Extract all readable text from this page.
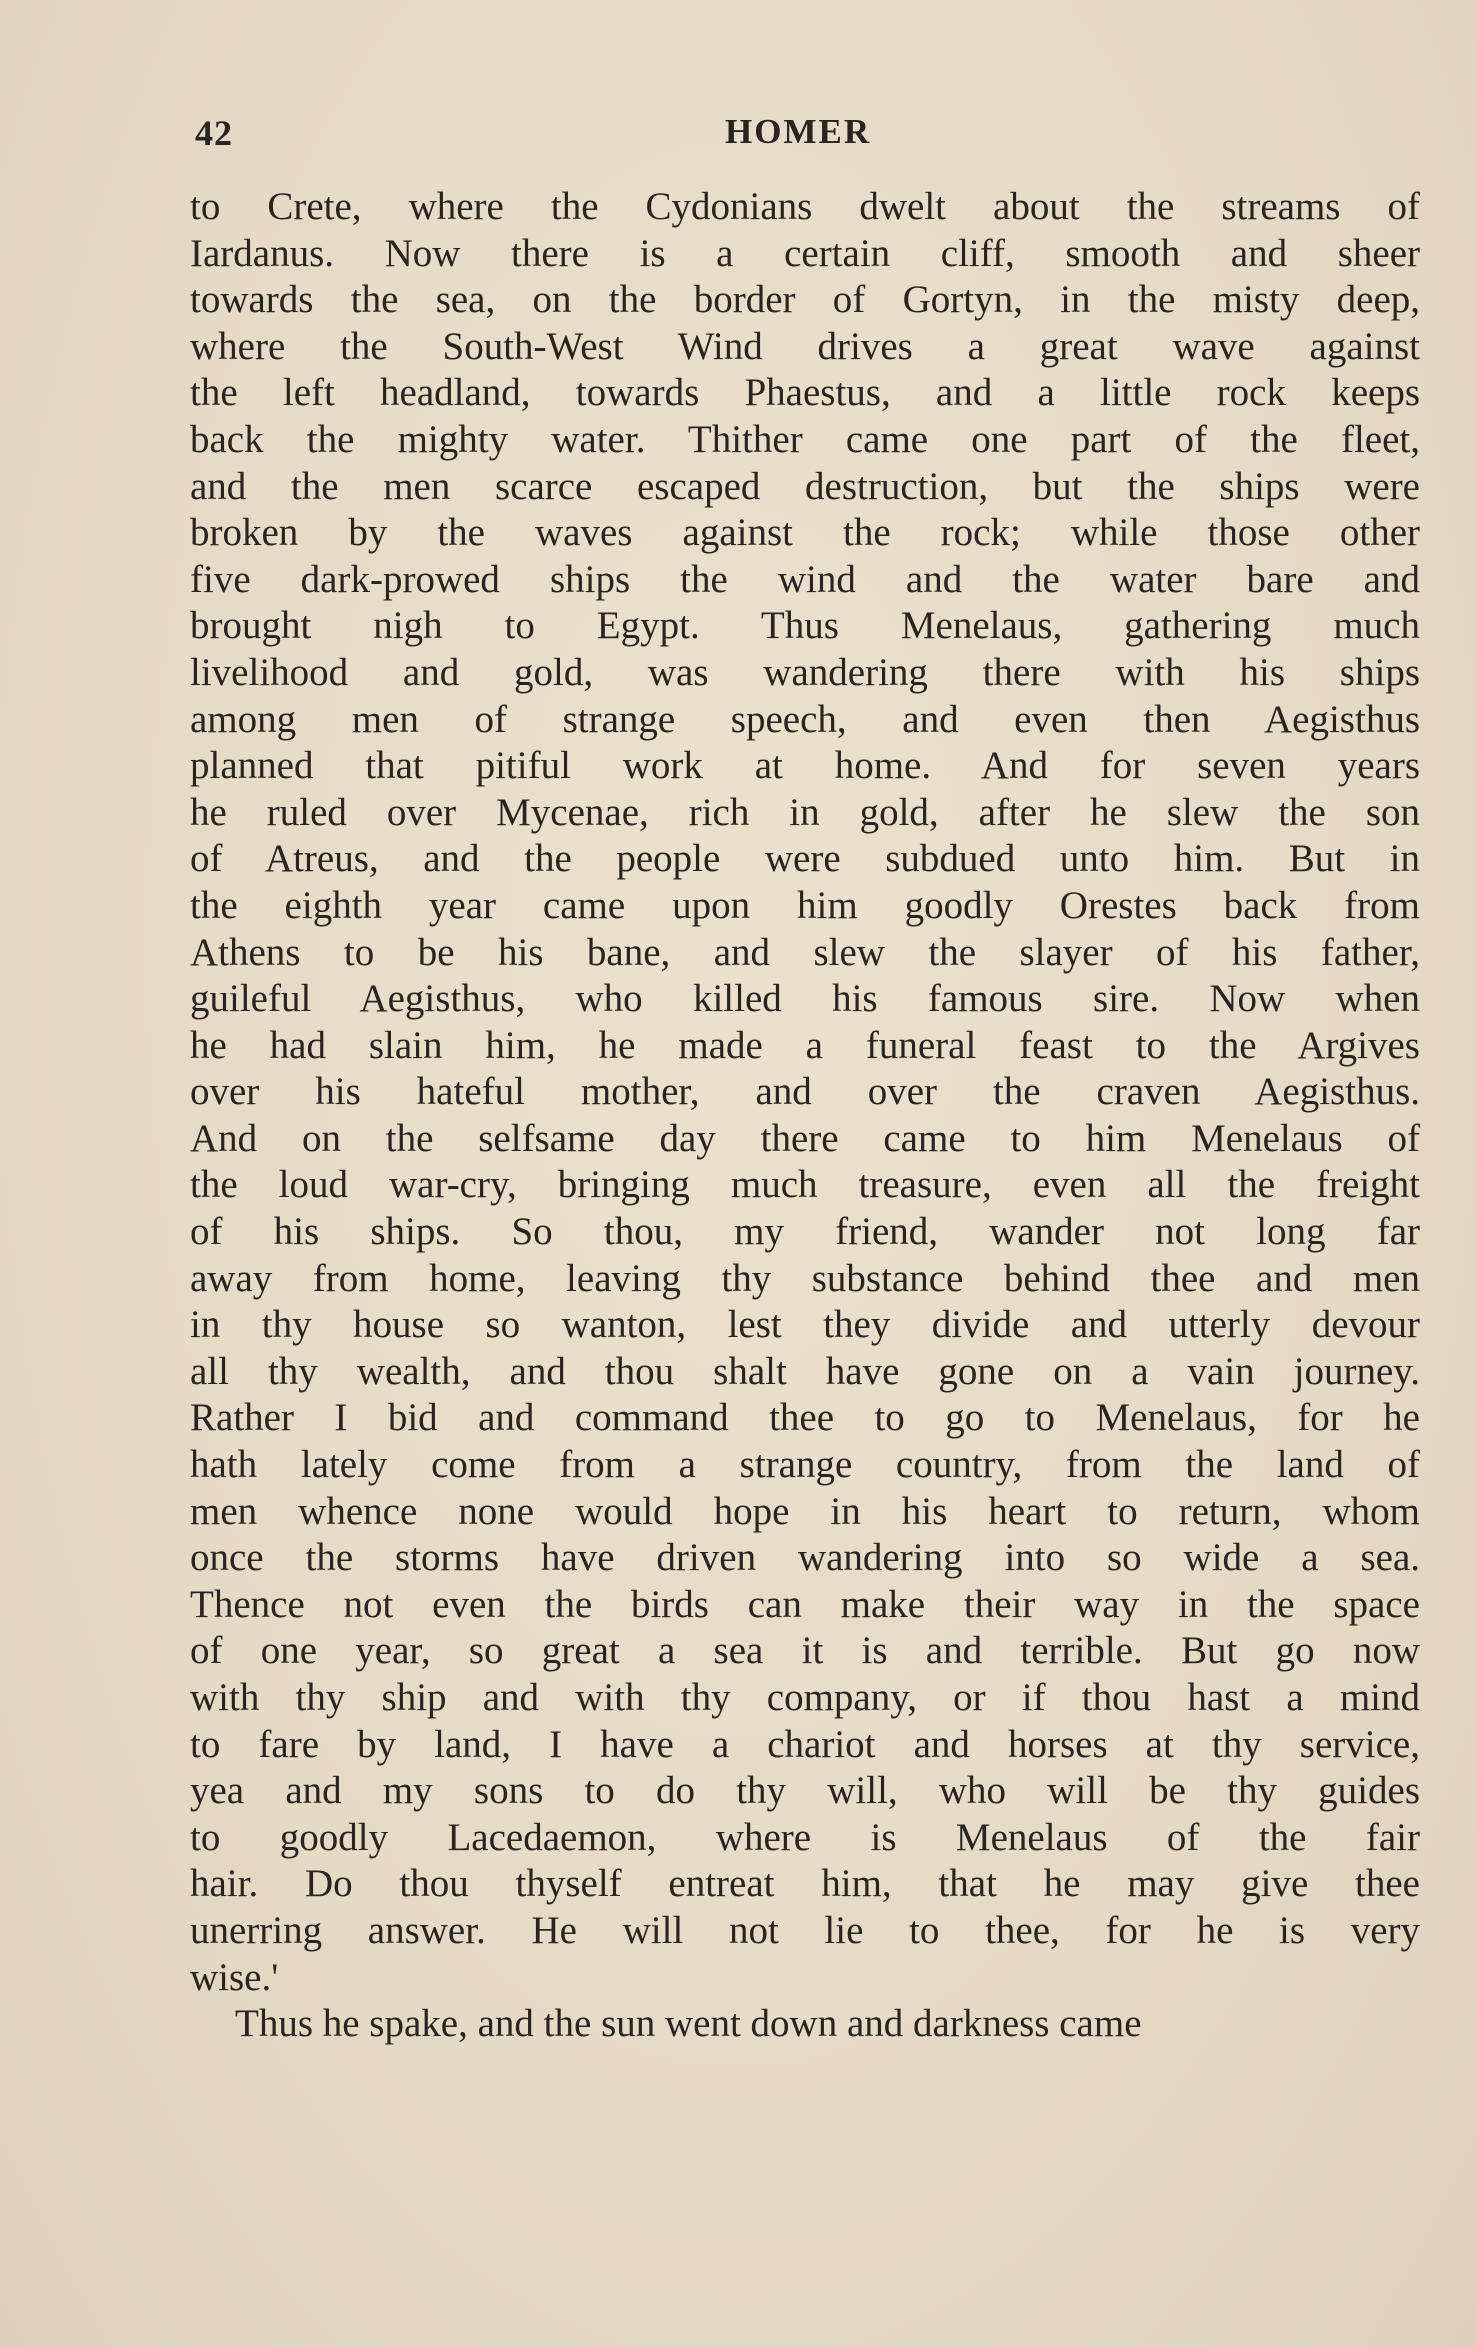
42	HOMER
to Crete, where the Cydonians dwelt about the streams of
Iardanus. Now there is a certain cliff, smooth and sheer
towards the sea, on the border of Gortyn, in the misty deep,
where the South-West Wind drives a great wave against
the left headland, towards Phaestus, and a little rock keeps
back the mighty water. Thither came one part of the fleet,
and the men scarce escaped destruction, but the ships were
broken by the waves against the rock; while those other
five dark-prowed ships the wind and the water bare and
brought nigh to Egypt. Thus Menelaus, gathering much
livelihood and gold, was wandering there with his ships
among men of strange speech, and even then Aegisthus
planned that pitiful work at home. And for seven years
he ruled over Mycenae, rich in gold, after he slew the son
of Atreus, and the people were subdued unto him. But in
the eighth year came upon him goodly Orestes back from
Athens to be his bane, and slew the slayer of his father,
guileful Aegisthus, who killed his famous sire. Now when
he had slain him, he made a funeral feast to the Argives
over his hateful mother, and over the craven Aegisthus.
And on the selfsame day there came to him Menelaus of
the loud war-cry, bringing much treasure, even all the freight
of his ships. So thou, my friend, wander not long far
away from home, leaving thy substance behind thee and men
in thy house so wanton, lest they divide and utterly devour
all thy wealth, and thou shalt have gone on a vain journey.
Rather I bid and command thee to go to Menelaus, for he
hath lately come from a strange country, from the land of
men whence none would hope in his heart to return, whom
once the storms have driven wandering into so wide a sea.
Thence not even the birds can make their way in the space
of one year, so great a sea it is and terrible. But go now
with thy ship and with thy company, or if thou hast a mind
to fare by land, I have a chariot and horses at thy service,
yea and my sons to do thy will, who will be thy guides
to goodly Lacedaemon, where is Menelaus of the fair
hair. Do thou thyself entreat him, that he may give thee
unerring answer. He will not lie to thee, for he is very
wise.'
Thus he spake, and the sun went down and darkness came
